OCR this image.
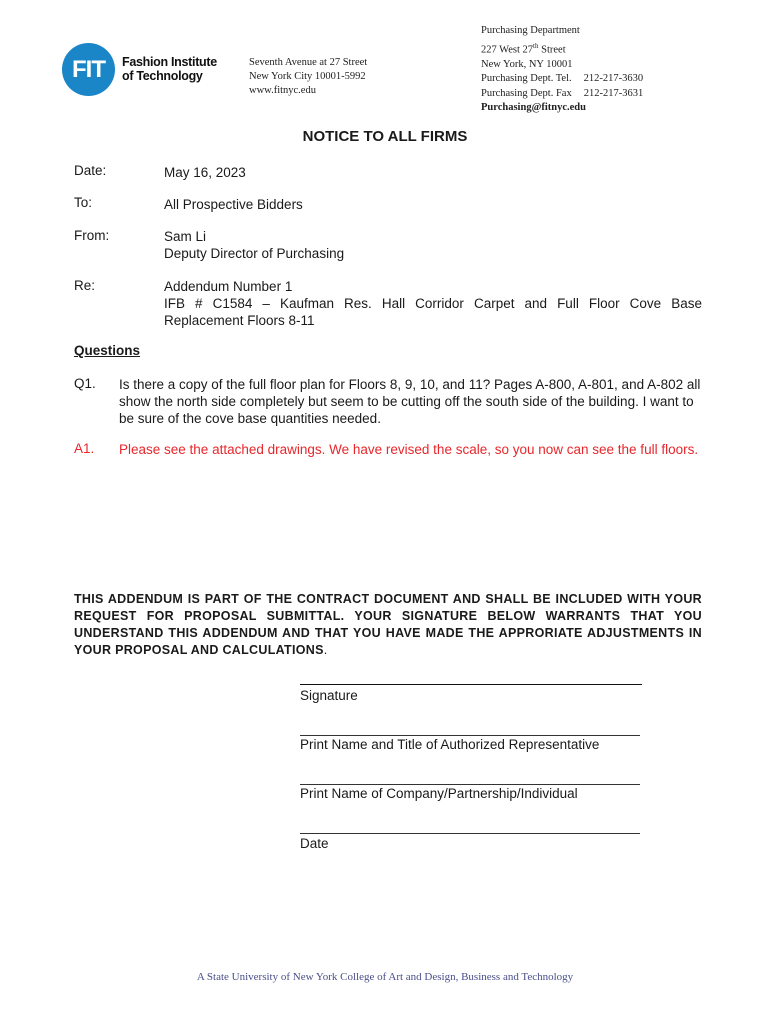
FIT	Fashion Institute
of Technology
Seventh Avenue at 27 Street
New York City 10001-5992
www.fitnyc.edu
Purchasing Department
227 West 27th Street
New York, NY 10001
Purchasing Dept. Tel. 212-217-3630
Purchasing Dept. Fax 212-217-3631
Purchasing@fitnyc.edu
NOTICE TO ALL FIRMS
Date:	May 16, 2023
To:	All Prospective Bidders
From:	Sam Li
Deputy Director of Purchasing
Re:	Addendum Number 1
IFB # C1584 – Kaufman Res. Hall Corridor Carpet and Full Floor Cove Base
Replacement Floors 8-11
Questions
Q1. Is there a copy of the full floor plan for Floors 8, 9, 10, and 11? Pages A-800, A-801, and A-802 all show the north side completely but seem to be cutting off the south side of the building. I want to be sure of the cove base quantities needed.
A1. Please see the attached drawings. We have revised the scale, so you now can see the full floors.
THIS ADDENDUM IS PART OF THE CONTRACT DOCUMENT AND SHALL BE INCLUDED WITH YOUR REQUEST FOR PROPOSAL SUBMITTAL. YOUR SIGNATURE BELOW WARRANTS THAT YOU UNDERSTAND THIS ADDENDUM AND THAT YOU HAVE MADE THE APPRORIATE ADJUSTMENTS IN YOUR PROPOSAL AND CALCULATIONS.
Signature
Print Name and Title of Authorized Representative
Print Name of Company/Partnership/Individual
Date
A State University of New York College of Art and Design, Business and Technology
